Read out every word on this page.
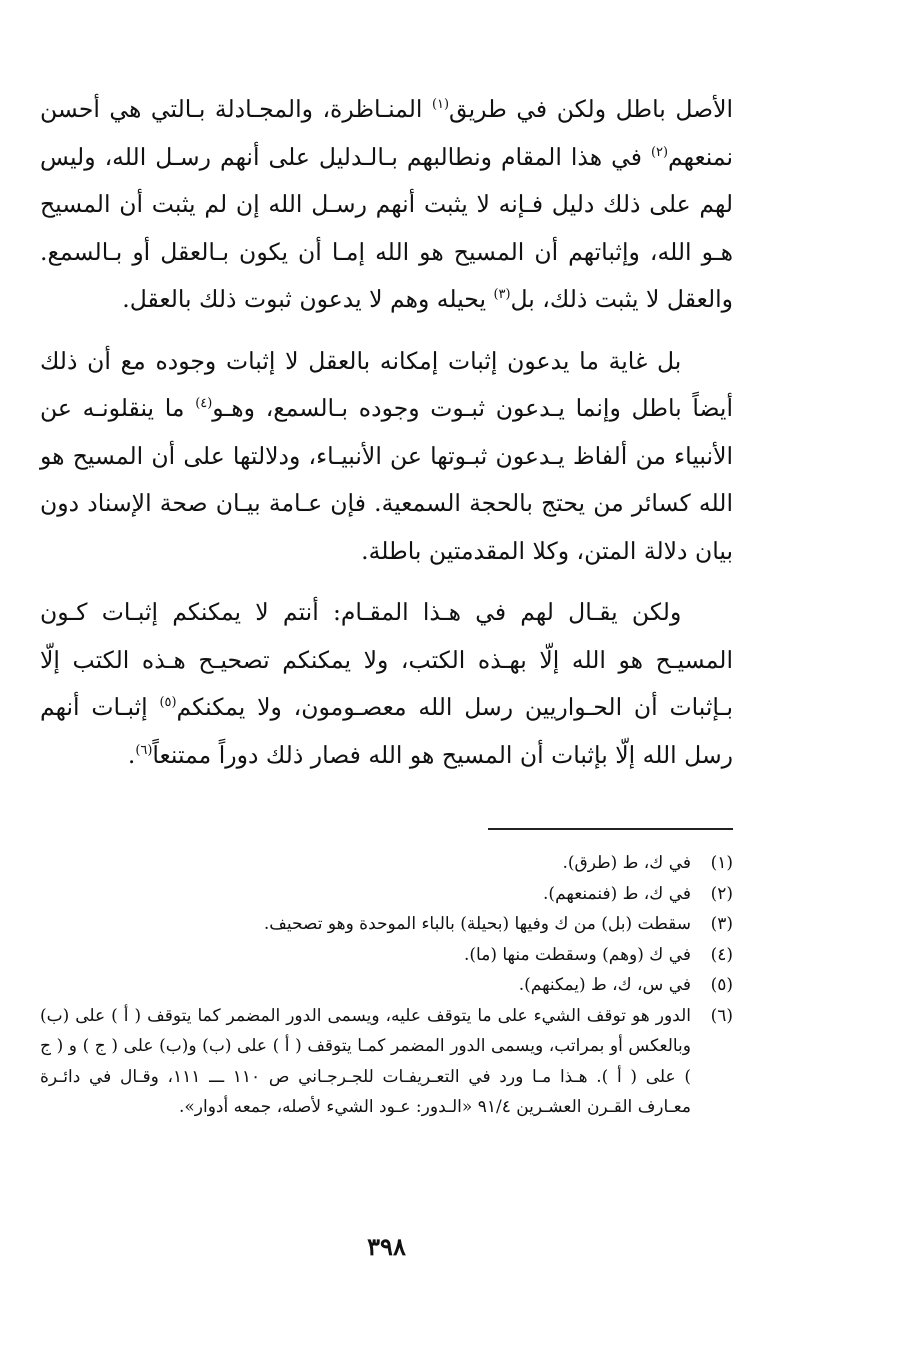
الأصل باطل ولكن في طريق$^{(١)}$ المنـاظرة، والمجـادلة بـالتي هي أحسن نمنعهم$^{(٢)}$ في هذا المقام ونطالبهم بـالـدليل على أنهم رسـل الله، وليس لهم على ذلك دليل فـإنه لا يثبت أنهم رسـل الله إن لم يثبت أن المسيح هـو الله، وإثباتهم أن المسيح هو الله إمـا أن يكون بـالعقل أو بـالسمع. والعقل لا يثبت ذلك، بل$^{(٣)}$ يحيله وهم لا يدعون ثبوت ذلك بالعقل.

بل غاية ما يدعون إثبات إمكانه بالعقل لا إثبات وجوده مع أن ذلك أيضاً باطل وإنما يـدعون ثبـوت وجوده بـالسمع، وهـو$^{(٤)}$ ما ينقلونـه عن الأنبياء من ألفاظ يـدعون ثبـوتها عن الأنبيـاء، ودلالتها على أن المسيح هو الله كسائر من يحتج بالحجة السمعية. فإن عـامة بيـان صحة الإسناد دون بيان دلالة المتن، وكلا المقدمتين باطلة.

ولكن يقـال لهم في هـذا المقـام: أنتم لا يمكنكم إثبـات كـون المسيـح هو الله إلّا بهـذه الكتب، ولا يمكنكم تصحيـح هـذه الكتب إلّا بـإثبات أن الحـواريين رسل الله معصـومون، ولا يمكنكم$^{(٥)}$ إثبـات أنهم رسل الله إلّا بإثبات أن المسيح هو الله فصار ذلك دوراً ممتنعاً$^{(٦)}$.

(١)
في ك، ط (طرق).
(٢)
في ك، ط (فنمنعهم).
(٣)
سقطت (بل) من ك وفيها (بحيلة) بالباء الموحدة وهو تصحيف.
(٤)
في ك (وهم) وسقطت منها (ما).
(٥)
في س، ك، ط (يمكنهم).
(٦)
الدور هو توقف الشيء على ما يتوقف عليه، ويسمى الدور المضمر كما يتوقف ( أ ) على (ب) وبالعكس أو بمراتب، ويسمى الدور المضمر كمـا يتوقف ( أ ) على (ب) و(ب) على ( ج ) و ( ج ) على ( أ ). هـذا مـا ورد في التعـريفـات للجـرجـاني ص ١١٠ ـــ ١١١، وقـال في دائـرة معـارف القـرن العشـرين ٩١/٤ «الـدور: عـود الشيء لأصله، جمعه أدوار».
٣٩٨
